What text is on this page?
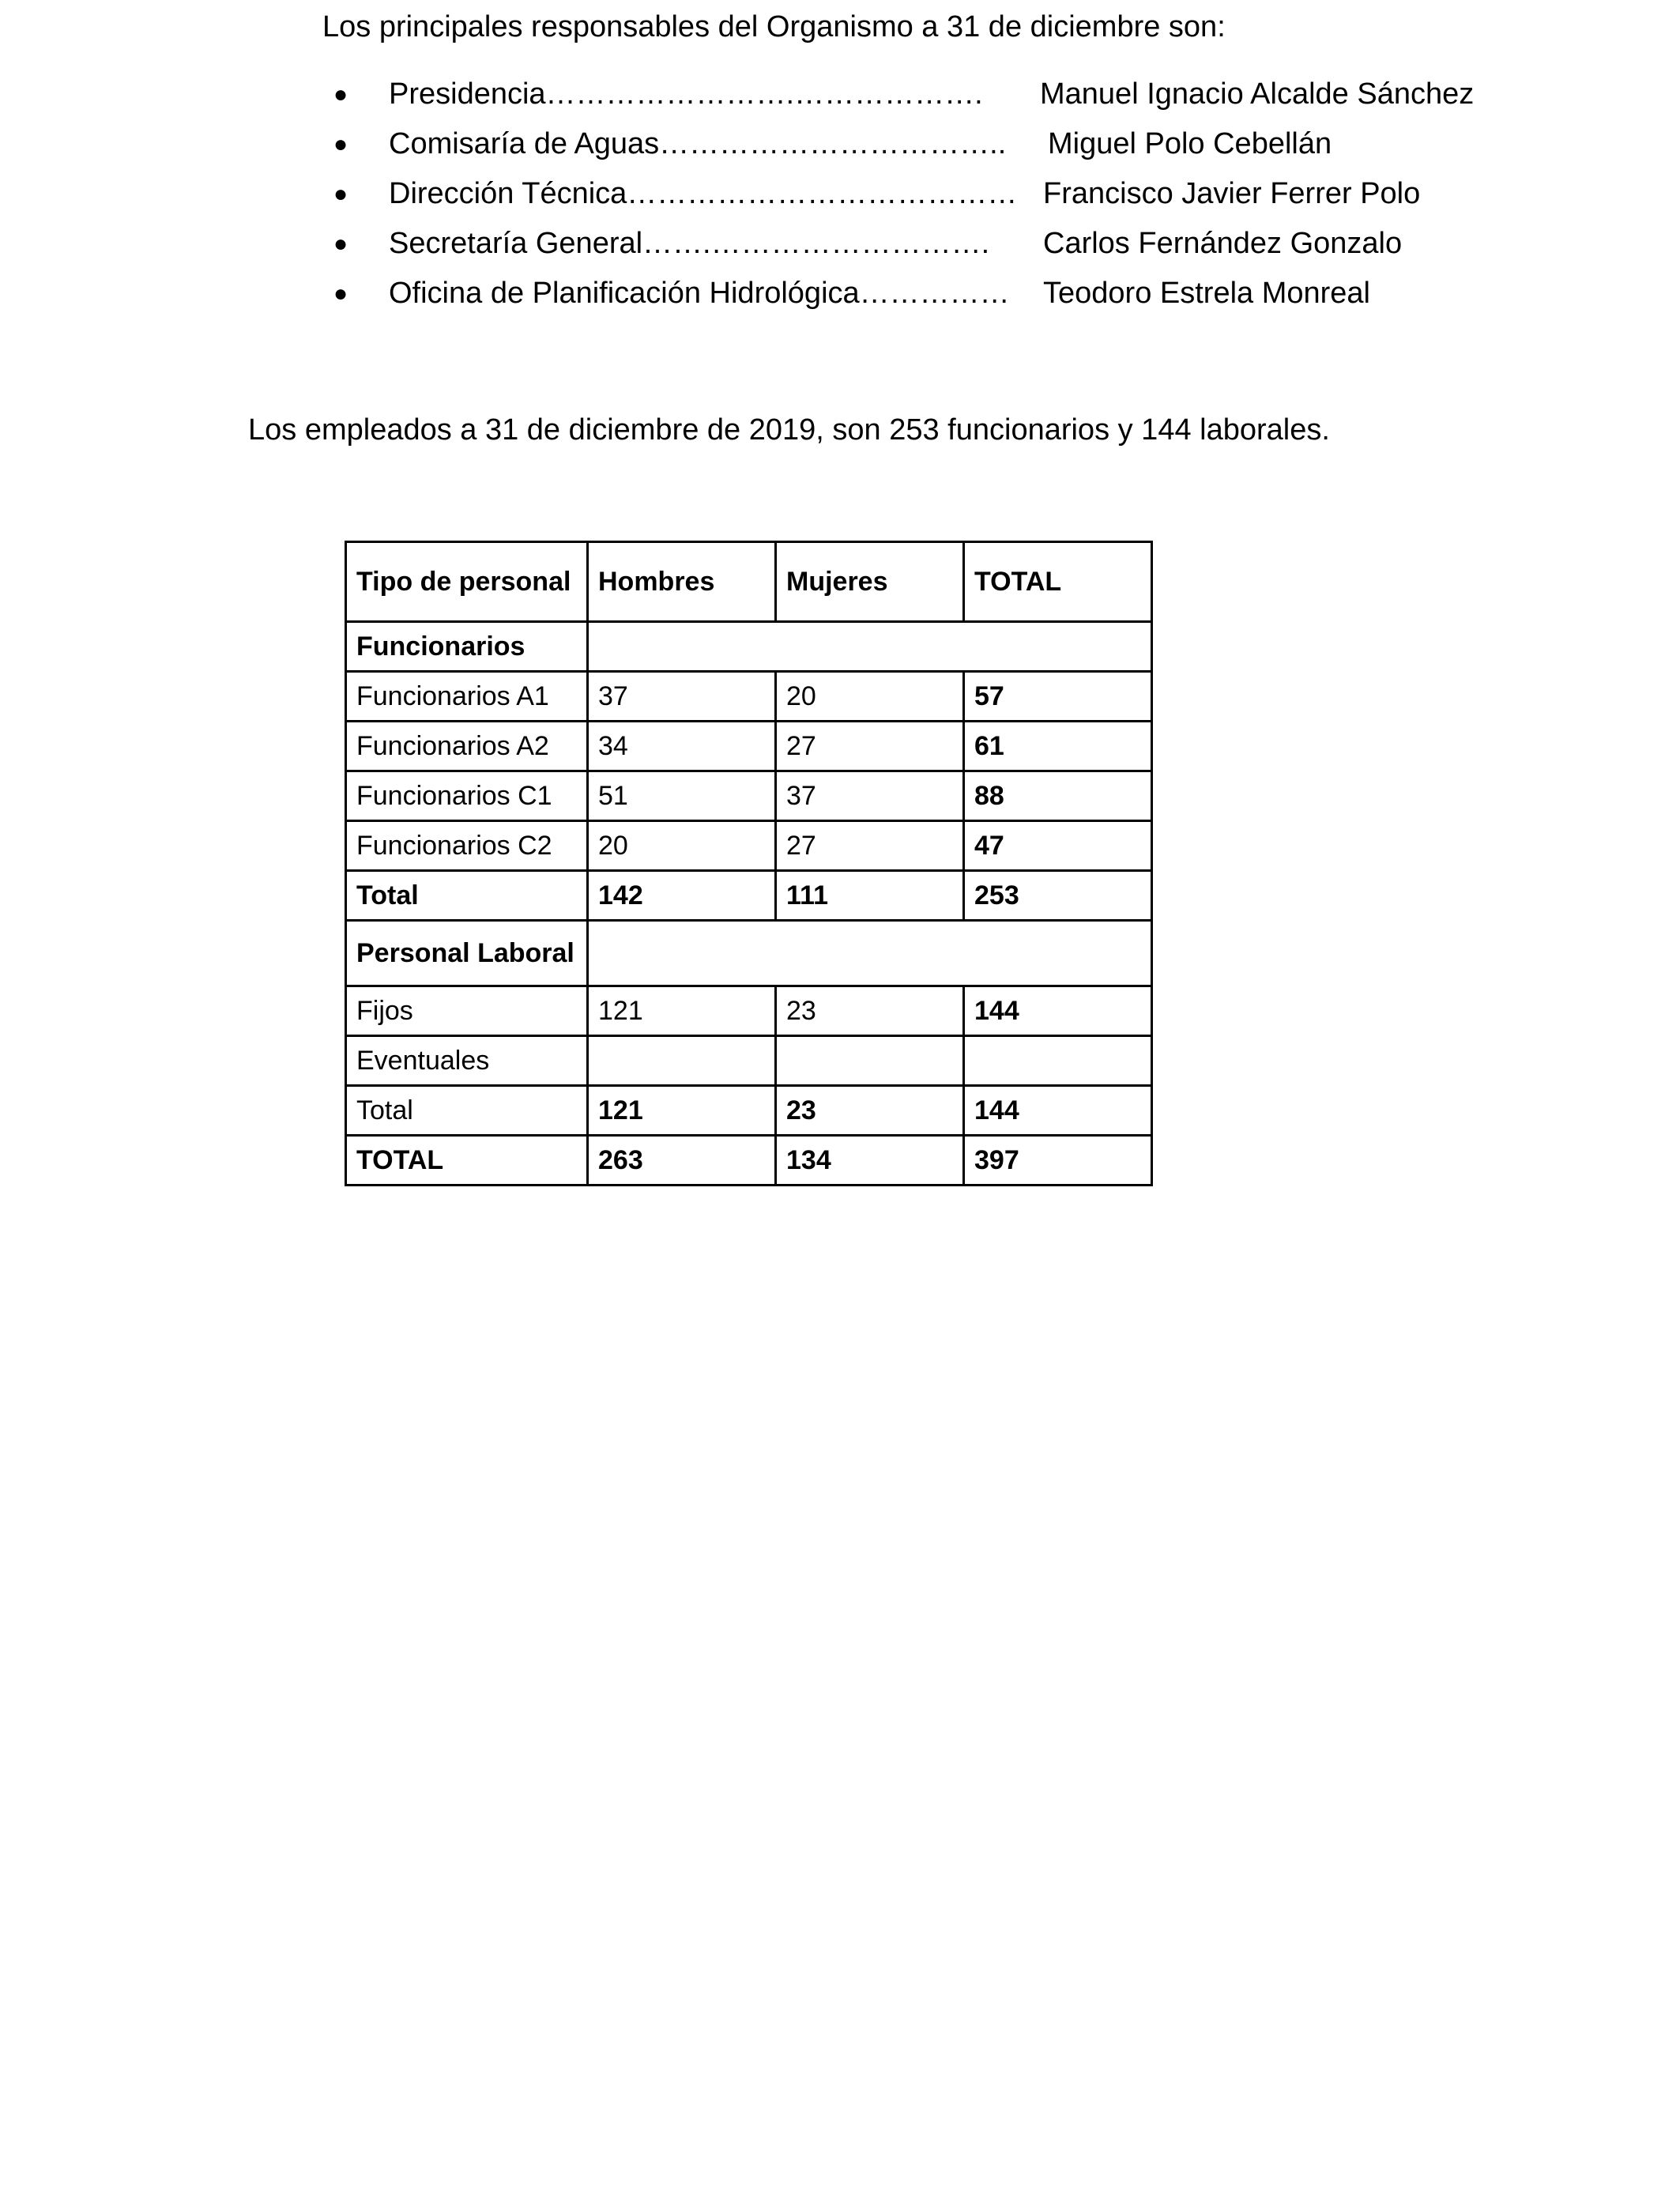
Los principales responsables del Organismo a 31 de diciembre son:

● Presidencia…………………….………………. Manuel Ignacio Alcalde Sánchez
● Comisaría de Aguas…………………………….. Miguel Polo Cebellán
● Dirección Técnica………………………………… Francisco Javier Ferrer Polo
● Secretaría General…….………………………. Carlos Fernández Gonzalo
● Oficina de Planificación Hidrológica…………… Teodoro Estrela Monreal

Los empleados a 31 de diciembre de 2019, son 253 funcionarios y 144 laborales.

Tipo de personal	Hombres	Mujeres	TOTAL
Funcionarios			
Funcionarios A1	37	20	57
Funcionarios A2	34	27	61
Funcionarios C1	51	37	88
Funcionarios C2	20	27	47
Total	142	111	253
Personal Laboral			
Fijos	121	23	144
Eventuales			
Total	121	23	144
TOTAL	263	134	397
